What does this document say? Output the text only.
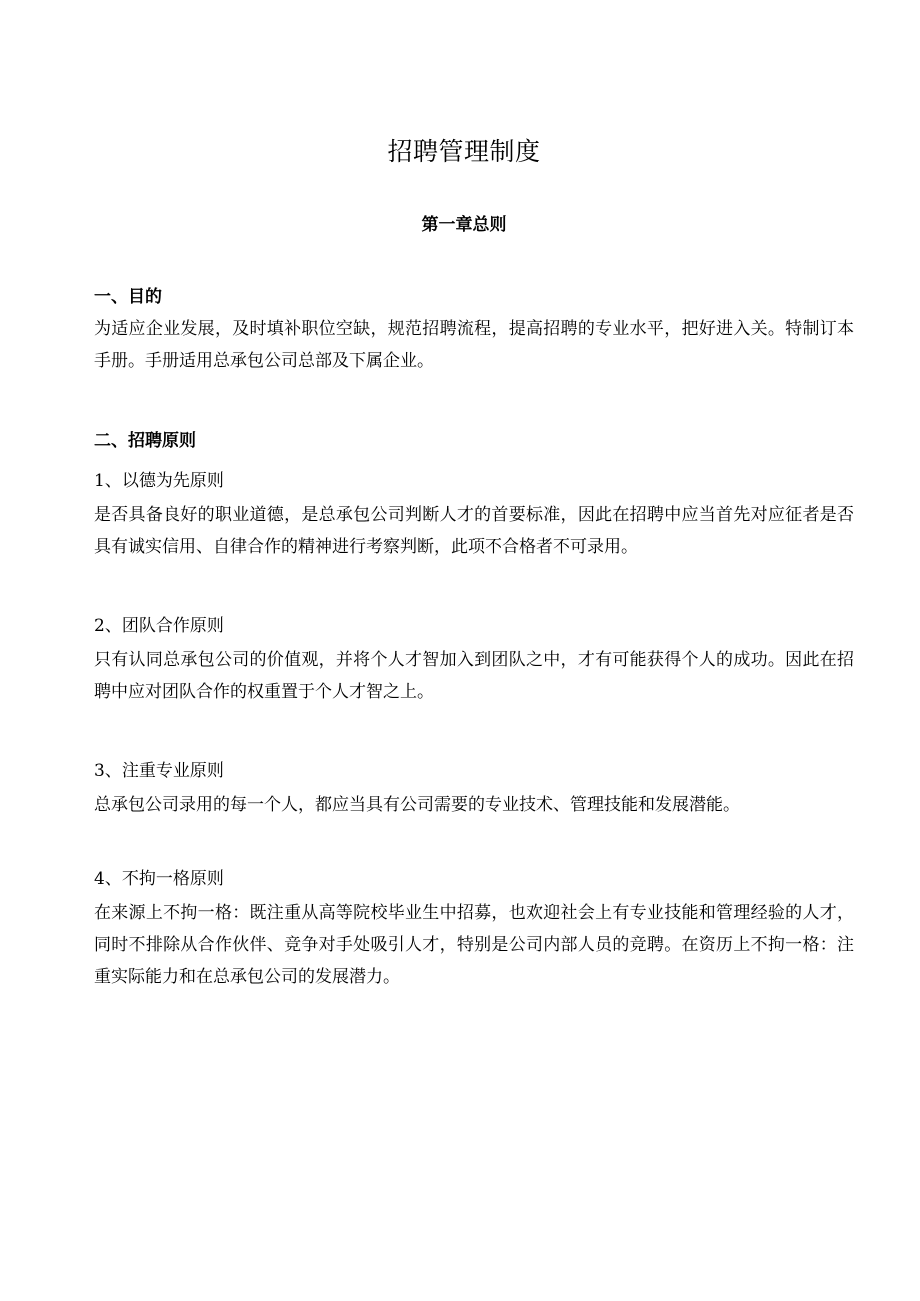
招聘管理制度
第一章总则

一、目的

为适应企业发展，及时填补职位空缺，规范招聘流程，提高招聘的专业水平，把好进入关。特制订本手册。手册适用总承包公司总部及下属企业。

二、招聘原则

1、以德为先原则

是否具备良好的职业道德，是总承包公司判断人才的首要标准，因此在招聘中应当首先对应征者是否具有诚实信用、自律合作的精神进行考察判断，此项不合格者不可录用。

2、团队合作原则

只有认同总承包公司的价值观，并将个人才智加入到团队之中，才有可能获得个人的成功。因此在招聘中应对团队合作的权重置于个人才智之上。

3、注重专业原则

总承包公司录用的每一个人，都应当具有公司需要的专业技术、管理技能和发展潜能。

4、不拘一格原则

在来源上不拘一格：既注重从高等院校毕业生中招募，也欢迎社会上有专业技能和管理经验的人才，同时不排除从合作伙伴、竞争对手处吸引人才，特别是公司内部人员的竞聘。在资历上不拘一格：注重实际能力和在总承包公司的发展潜力。
